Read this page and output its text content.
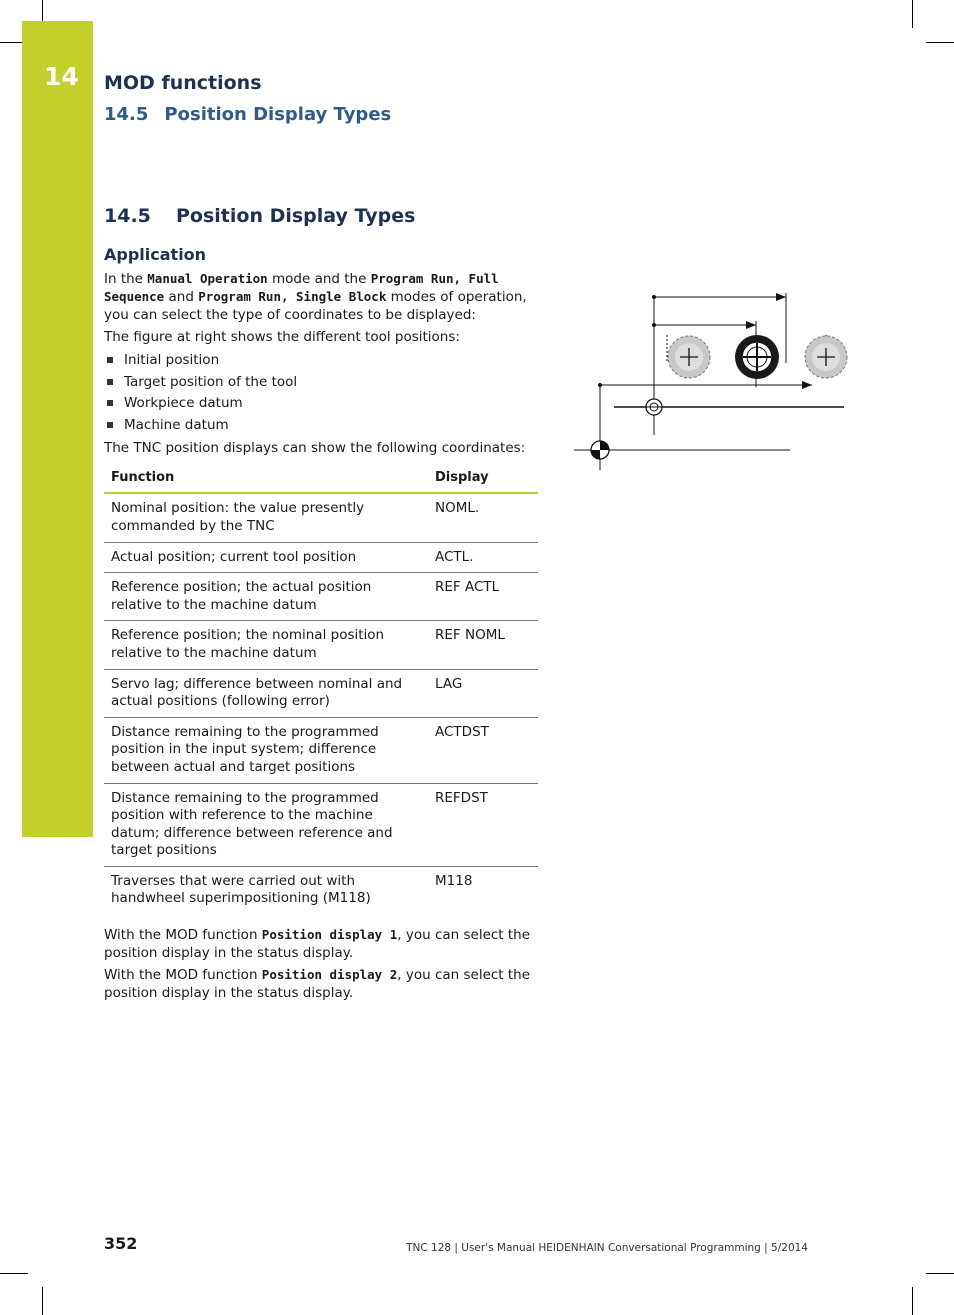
14	MOD functions
14.5 Position Display Types
14.5 Position Display Types
Application

In the Manual Operation mode and the Program Run, Full Sequence and Program Run, Single Block modes of operation, you can select the type of coordinates to be displayed:

The figure at right shows the different tool positions:

Initial position
Target position of the tool
Workpiece datum
Machine datum

The TNC position displays can show the following coordinates:

Function	Display
Nominal position: the value presently commanded by the TNC	NOML.
Actual position; current tool position	ACTL.
Reference position; the actual position relative to the machine datum	REF ACTL
Reference position; the nominal position relative to the machine datum	REF NOML
Servo lag; difference between nominal and actual positions (following error)	LAG
Distance remaining to the programmed position in the input system; difference between actual and target positions	ACTDST
Distance remaining to the programmed position with reference to the machine datum; difference between reference and target positions	REFDST
Traverses that were carried out with handwheel superimpositioning (M118)	M118

With the MOD function Position display 1, you can select the position display in the status display.

With the MOD function Position display 2, you can select the position display in the status display.

352	TNC 128 | User's Manual HEIDENHAIN Conversational Programming | 5/2014
